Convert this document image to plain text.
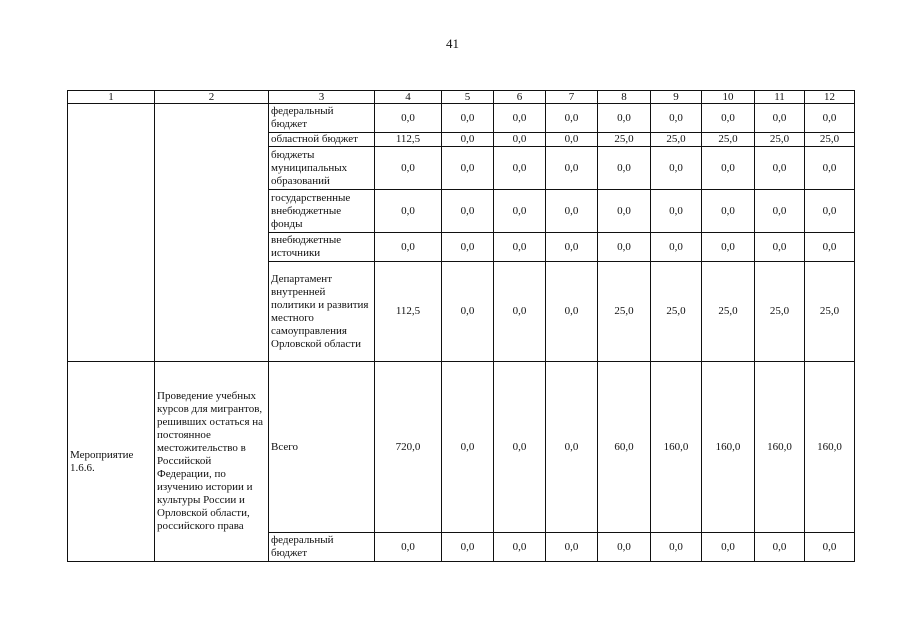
41
1	2	3	4	5	6	7	8	9	10	11	12
		федеральный бюджет	0,0	0,0	0,0	0,0	0,0	0,0	0,0	0,0	0,0
		областной бюджет	112,5	0,0	0,0	0,0	25,0	25,0	25,0	25,0	25,0
		бюджеты муниципальных образований	0,0	0,0	0,0	0,0	0,0	0,0	0,0	0,0	0,0
		государственные внебюджетные фонды	0,0	0,0	0,0	0,0	0,0	0,0	0,0	0,0	0,0
		внебюджетные источники	0,0	0,0	0,0	0,0	0,0	0,0	0,0	0,0	0,0
		Департамент внутренней политики и развития местного самоуправления Орловской области	112,5	0,0	0,0	0,0	25,0	25,0	25,0	25,0	25,0
Мероприятие 1.6.6.	Проведение учебных курсов для мигрантов, решивших остаться на постоянное местожительство в Российской Федерации, по изучению истории и культуры России и Орловской области, российского права	Всего	720,0	0,0	0,0	0,0	60,0	160,0	160,0	160,0	160,0
		федеральный бюджет	0,0	0,0	0,0	0,0	0,0	0,0	0,0	0,0	0,0
